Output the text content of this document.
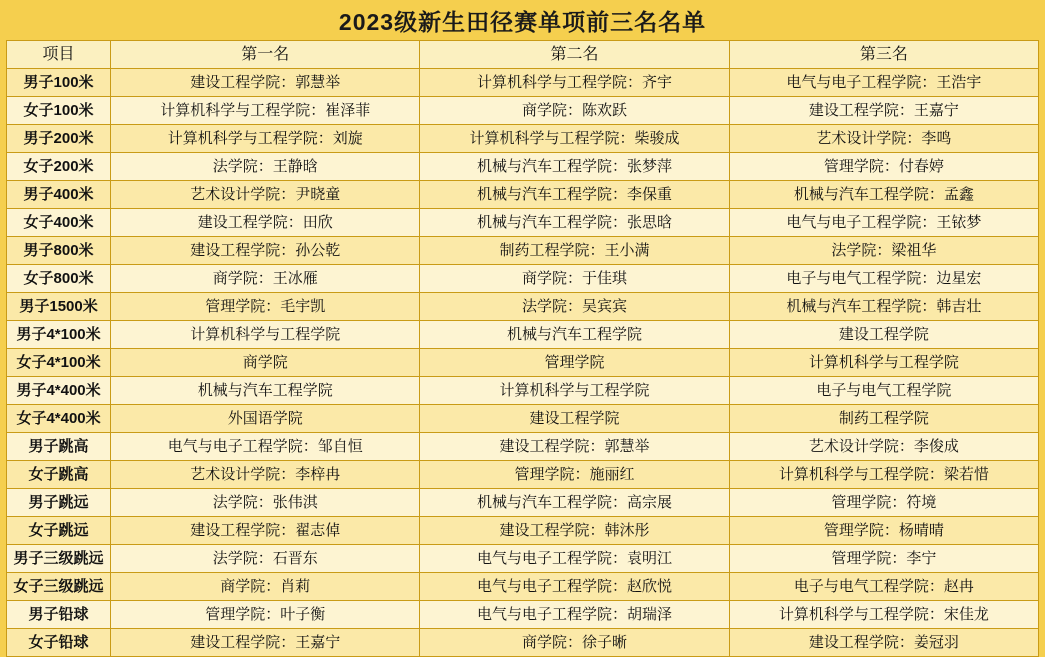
2023级新生田径赛单项前三名名单
项目	第一名	第二名	第三名
男子100米	建设工程学院：郭慧举	计算机科学与工程学院：齐宇	电气与电子工程学院：王浩宇
女子100米	计算机科学与工程学院：崔泽菲	商学院：陈欢跃	建设工程学院：王嘉宁
男子200米	计算机科学与工程学院：刘旋	计算机科学与工程学院：柴骏成	艺术设计学院：李鸣
女子200米	法学院：王静晗	机械与汽车工程学院：张梦萍	管理学院：付春婷
男子400米	艺术设计学院：尹晓童	机械与汽车工程学院：李保重	机械与汽车工程学院：孟鑫
女子400米	建设工程学院：田欣	机械与汽车工程学院：张思晗	电气与电子工程学院：王铱梦
男子800米	建设工程学院：孙公乾	制药工程学院：王小满	法学院：梁祖华
女子800米	商学院：王冰雁	商学院：于佳琪	电子与电气工程学院：边星宏
男子1500米	管理学院：毛宇凯	法学院：吴宾宾	机械与汽车工程学院：韩吉壮
男子4*100米	计算机科学与工程学院	机械与汽车工程学院	建设工程学院
女子4*100米	商学院	管理学院	计算机科学与工程学院
男子4*400米	机械与汽车工程学院	计算机科学与工程学院	电子与电气工程学院
女子4*400米	外国语学院	建设工程学院	制药工程学院
男子跳高	电气与电子工程学院：邹自恒	建设工程学院：郭慧举	艺术设计学院：李俊成
女子跳高	艺术设计学院：李梓冉	管理学院：施丽红	计算机科学与工程学院：梁若惜
男子跳远	法学院：张伟淇	机械与汽车工程学院：高宗展	管理学院：符境
女子跳远	建设工程学院：翟志倬	建设工程学院：韩沐彤	管理学院：杨晴晴
男子三级跳远	法学院：石晋东	电气与电子工程学院：袁明江	管理学院：李宁
女子三级跳远	商学院：肖莉	电气与电子工程学院：赵欣悦	电子与电气工程学院：赵冉
男子铅球	管理学院：叶子衡	电气与电子工程学院：胡瑞泽	计算机科学与工程学院：宋佳龙
女子铅球	建设工程学院：王嘉宁	商学院：徐子晰	建设工程学院：姜冠羽
